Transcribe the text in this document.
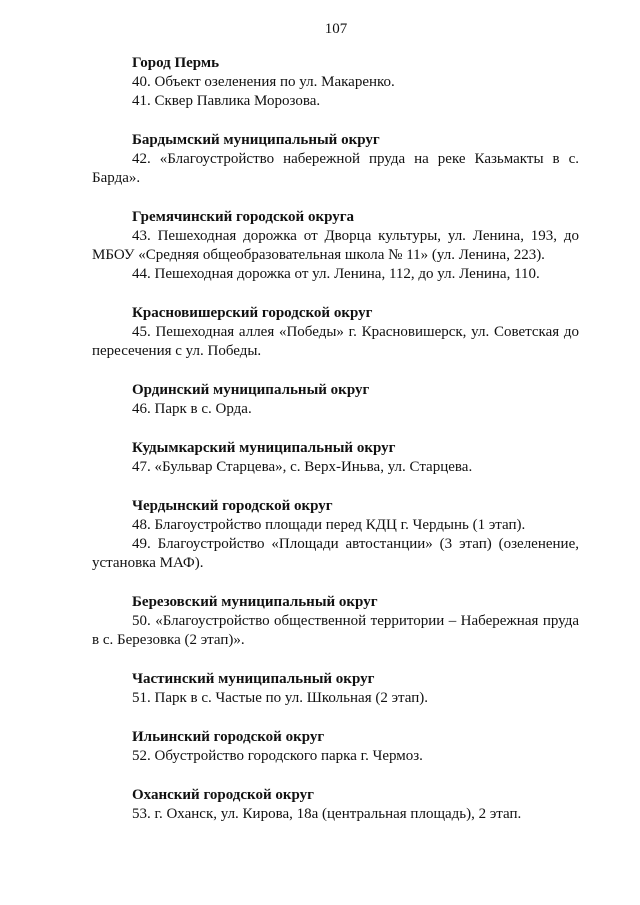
107

Город Пермь

40. Объект озеленения по ул. Макаренко.

41. Сквер Павлика Морозова.

Бардымский муниципальный округ

42. «Благоустройство набережной пруда на реке Казьмакты в с. Барда».

Гремячинский городской округа

43. Пешеходная дорожка от Дворца культуры, ул. Ленина, 193, до МБОУ «Средняя общеобразовательная школа № 11» (ул. Ленина, 223).

44. Пешеходная дорожка от ул. Ленина, 112, до ул. Ленина, 110.

Красновишерский городской округ

45. Пешеходная аллея «Победы» г. Красновишерск, ул. Советская до пересечения с ул. Победы.

Ординский муниципальный округ

46. Парк в с. Орда.

Кудымкарский муниципальный округ

47. «Бульвар Старцева», с. Верх-Иньва, ул. Старцева.

Чердынский городской округ

48. Благоустройство площади перед КДЦ г. Чердынь (1 этап).

49. Благоустройство «Площади автостанции» (3 этап) (озеленение, установка МАФ).

Березовский муниципальный округ

50. «Благоустройство общественной территории – Набережная пруда в с. Березовка (2 этап)».

Частинский муниципальный округ

51. Парк в с. Частые по ул. Школьная (2 этап).

Ильинский городской округ

52. Обустройство городского парка г. Чермоз.

Оханский городской округ

53. г. Оханск, ул. Кирова, 18а (центральная площадь), 2 этап.
